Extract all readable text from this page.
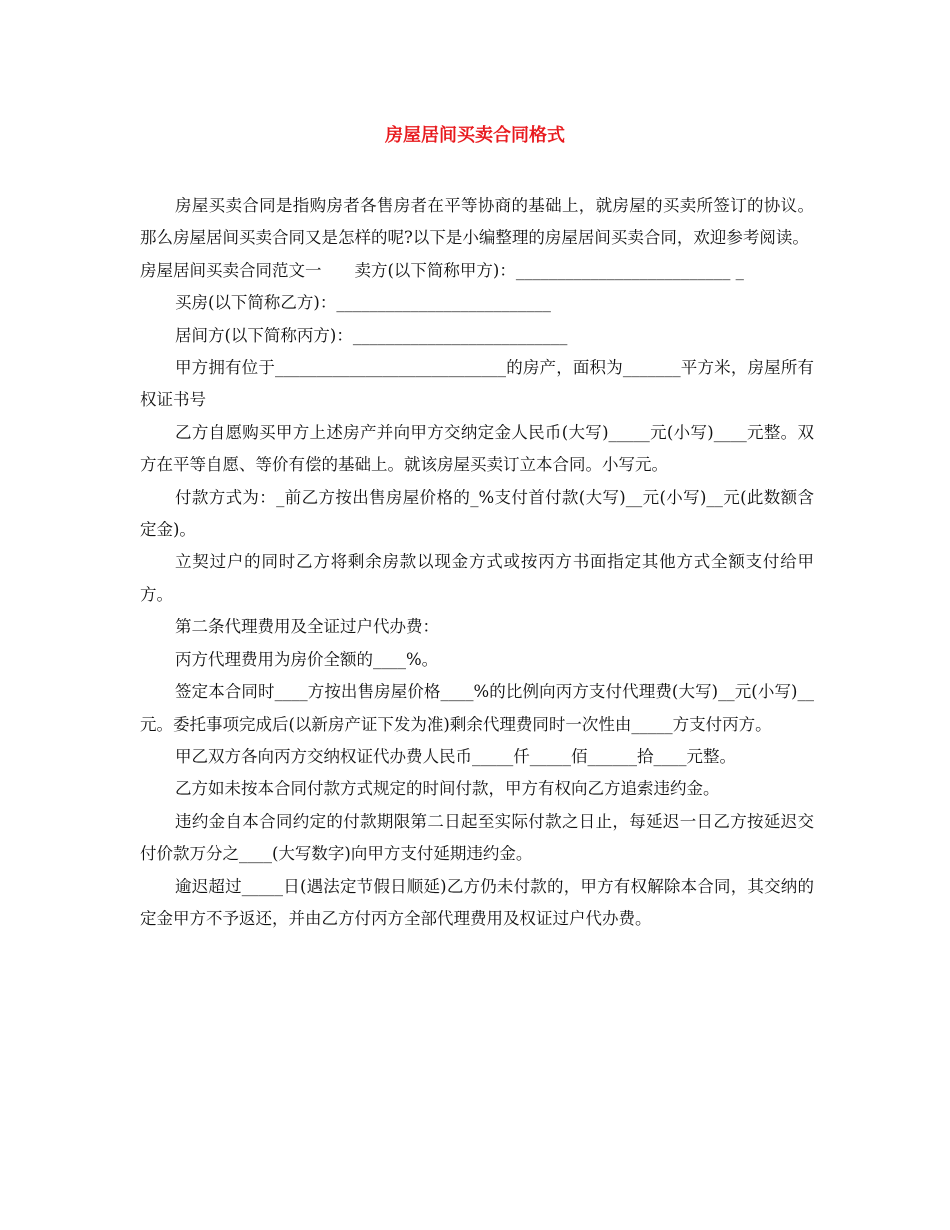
房屋居间买卖合同格式

房屋买卖合同是指购房者各售房者在平等协商的基础上，就房屋的买卖所签订的协议。那么房屋居间买卖合同又是怎样的呢?以下是小编整理的房屋居间买卖合同，欢迎参考阅读。

房屋居间买卖合同范文一　　卖方(以下简称甲方)：__________________________ _

买房(以下简称乙方)：__________________________

居间方(以下简称丙方)：__________________________

甲方拥有位于____________________________的房产，面积为_______平方米，房屋所有权证书号

乙方自愿购买甲方上述房产并向甲方交纳定金人民币(大写)_____元(小写)____元整。双方在平等自愿、等价有偿的基础上。就该房屋买卖订立本合同。小写元。

付款方式为：_前乙方按出售房屋价格的_%支付首付款(大写)__元(小写)__元(此数额含定金)。

立契过户的同时乙方将剩余房款以现金方式或按丙方书面指定其他方式全额支付给甲方。

第二条代理费用及全证过户代办费：

丙方代理费用为房价全额的____%。

签定本合同时____方按出售房屋价格____%的比例向丙方支付代理费(大写)__元(小写)__元。委托事项完成后(以新房产证下发为准)剩余代理费同时一次性由_____方支付丙方。

甲乙双方各向丙方交纳权证代办费人民币_____仟_____佰______拾____元整。

乙方如未按本合同付款方式规定的时间付款，甲方有权向乙方追索违约金。

违约金自本合同约定的付款期限第二日起至实际付款之日止，每延迟一日乙方按延迟交付价款万分之____(大写数字)向甲方支付延期违约金。

逾迟超过_____日(遇法定节假日顺延)乙方仍未付款的，甲方有权解除本合同，其交纳的定金甲方不予返还，并由乙方付丙方全部代理费用及权证过户代办费。
